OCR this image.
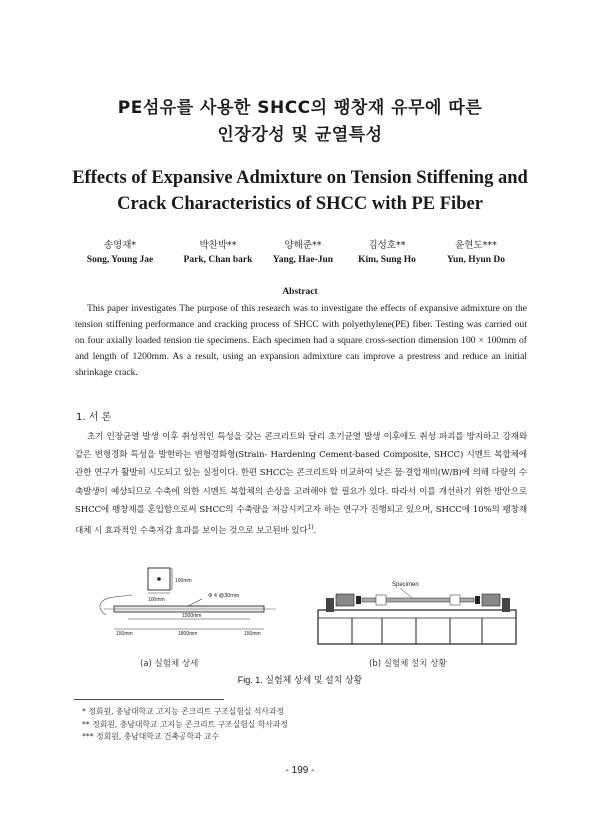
PE섬유를 사용한 SHCC의 팽창재 유무에 따른
인장강성 및 균열특성
Effects of Expansive Admixture on Tension Stiffening and
Crack Characteristics of SHCC with PE Fiber
송영재*
Song, Young Jae
박찬박**
Park, Chan bark
양해준**
Yang, Hae-Jun
김성호**
Kim, Sung Ho
윤현도***
Yun, Hyun Do
Abstract
This paper investigates The purpose of this research was to investigate the effects of expansive admixture on the tension stiffening performance and cracking process of SHCC with polyethylene(PE) fiber. Testing was carried out on four axially loaded tension tie specimens. Each specimen had a square cross-section dimension 100 × 100mm of and length of 1200mm. As a result, using an expansion admixture can improve a prestress and reduce an initial shrinkage crack.
1. 서 론
초기 인장균열 발생 이후 취성적인 특성을 갖는 콘크리트와 달리 초기균열 발생 이후에도 취성 파괴를 방지하고 강재와 같은 변형경화 특성을 발현하는 변형경화형(Strain- Hardening Cement-based Composite, SHCC) 시멘트 복합체에 관한 연구가 활발히 시도되고 있는 실정이다. 한편 SHCC는 콘크리트와 비교하여 낮은 물·결합재비(W/B)에 의해 다량의 수축발생이 예상되므로 수축에 의한 시멘트 복합체의 손상을 고려해야 할 필요가 있다. 따라서 이를 개선하기 위한 방안으로 SHCC에 팽창재를 혼입함으로써 SHCC의 수축량을 저감시키고자 하는 연구가 진행되고 있으며, SHCC에 10%의 팽창재 대체 시 효과적인 수축저감 효과를 보이는 것으로 보고된바 있다$^{1)}$.
100mm
100mm
Φ 4 @30mm
1500mm
1800mm
150mm	150mm
Specimen
(a) 실험체 상세	(b) 실험체 설치 상황
Fig. 1. 실험체 상세 및 설치 상황
* 정회원, 충남대학교 고지능 콘크리트 구조실험실 석사과정
** 정회원, 충남대학교 고지능 콘크리트 구조실험실 학사과정
*** 정회원, 충남대학교 건축공학과 교수
- 199 -
